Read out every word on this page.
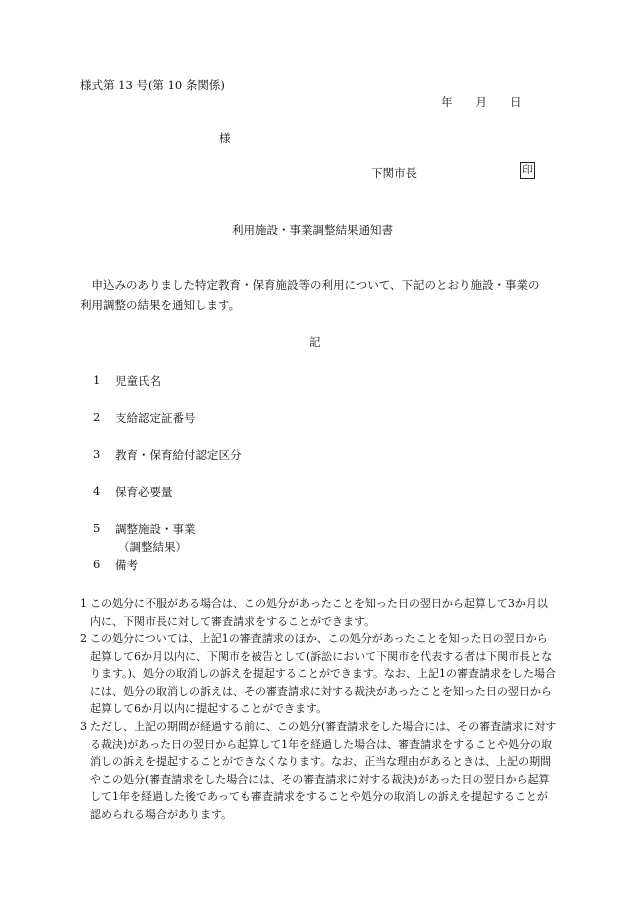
様式第 13 号(第 10 条関係)
年　　月　　日
様
下関市長	印
利用施設・事業調整結果通知書
申込みのありました特定教育・保育施設等の利用について、下記のとおり施設・事業の利用調整の結果を通知します。
記
1 児童氏名
2 支給認定証番号
3 教育・保育給付認定区分
4 保育必要量
5 調整施設・事業
（調整結果）
6 備考
1 この処分に不服がある場合は、この処分があったことを知った日の翌日から起算して3か月以内に、下関市長に対して審査請求をすることができます。
2 この処分については、上記1の審査請求のほか、この処分があったことを知った日の翌日から起算して6か月以内に、下関市を被告として(訴訟において下関市を代表する者は下関市長となります。)、処分の取消しの訴えを提起することができます。なお、上記1の審査請求をした場合には、処分の取消しの訴えは、その審査請求に対する裁決があったことを知った日の翌日から起算して6か月以内に提起することができます。
3 ただし、上記の期間が経過する前に、この処分(審査請求をした場合には、その審査請求に対する裁決)があった日の翌日から起算して1年を経過した場合は、審査請求をすることや処分の取消しの訴えを提起することができなくなります。なお、正当な理由があるときは、上記の期間やこの処分(審査請求をした場合には、その審査請求に対する裁決)があった日の翌日から起算して1年を経過した後であっても審査請求をすることや処分の取消しの訴えを提起することが認められる場合があります。
